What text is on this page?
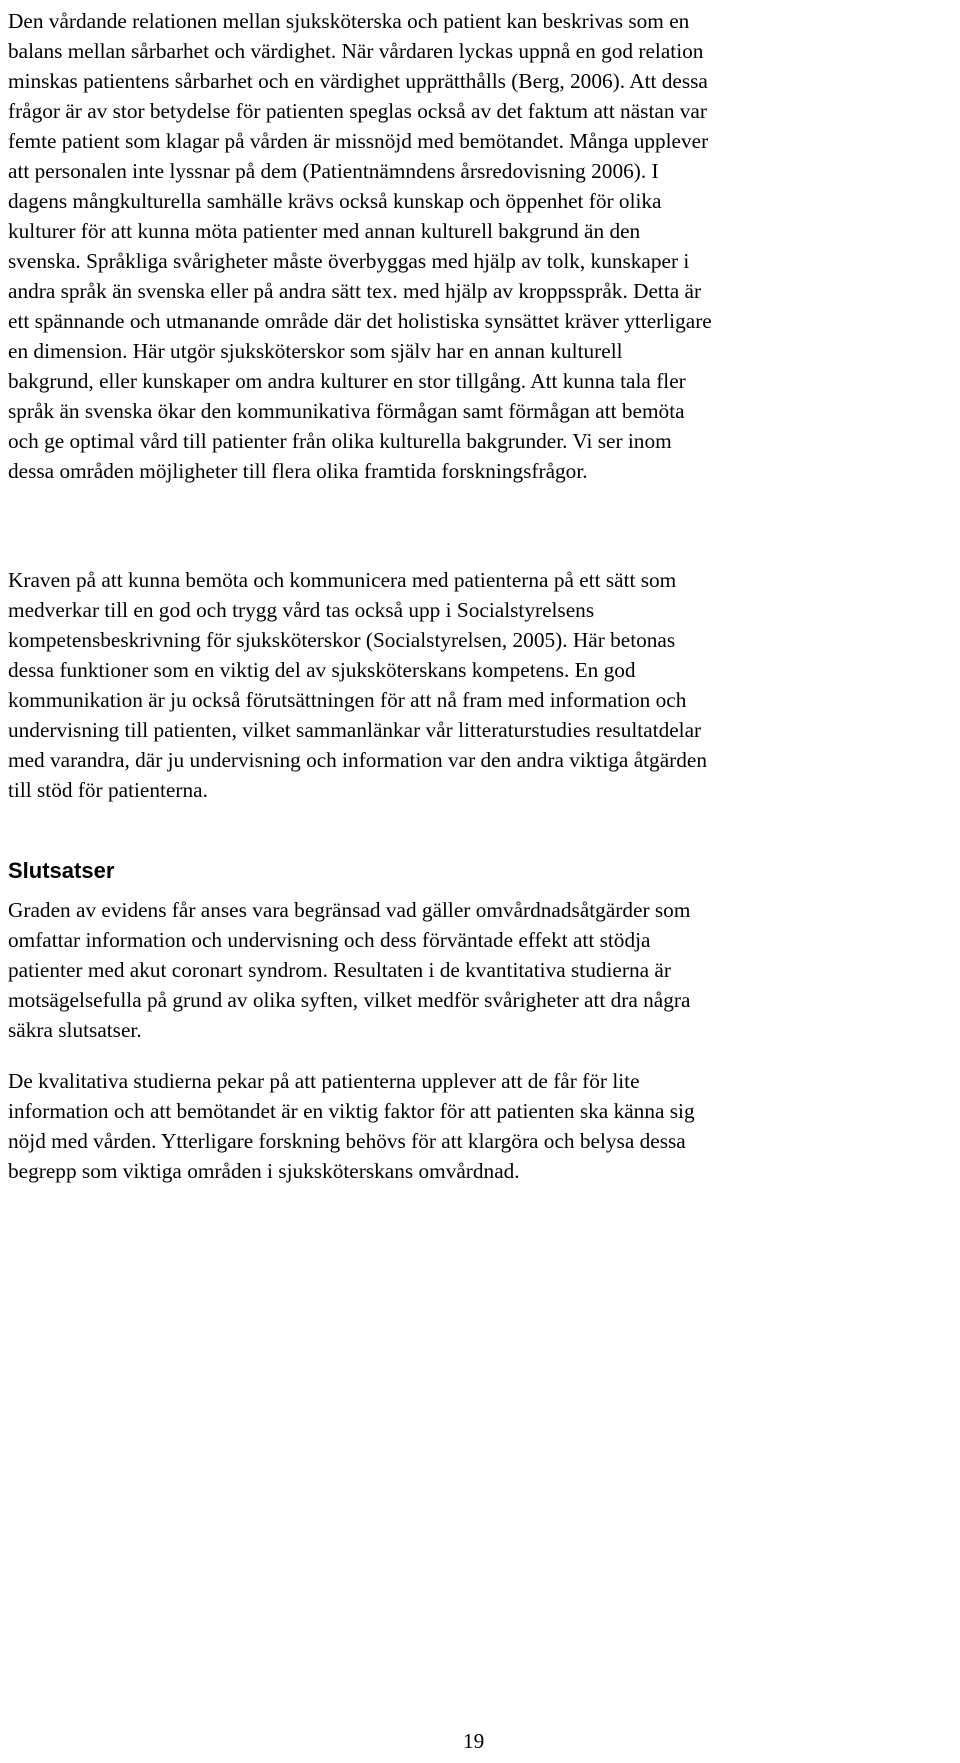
Den vårdande relationen mellan sjuksköterska och patient kan beskrivas som en
balans mellan sårbarhet och värdighet. När vårdaren lyckas uppnå en god relation
minskas patientens sårbarhet och en värdighet upprätthålls (Berg, 2006). Att dessa
frågor är av stor betydelse för patienten speglas också av det faktum att nästan var
femte patient som klagar på vården är missnöjd med bemötandet. Många upplever
att personalen inte lyssnar på dem (Patientnämndens årsredovisning 2006). I
dagens mångkulturella samhälle krävs också kunskap och öppenhet för olika
kulturer för att kunna möta patienter med annan kulturell bakgrund än den
svenska. Språkliga svårigheter måste överbyggas med hjälp av tolk, kunskaper i
andra språk än svenska eller på andra sätt tex. med hjälp av kroppsspråk. Detta är
ett spännande och utmanande område där det holistiska synsättet kräver ytterligare
en dimension. Här utgör sjuksköterskor som själv har en annan kulturell
bakgrund, eller kunskaper om andra kulturer en stor tillgång. Att kunna tala fler
språk än svenska ökar den kommunikativa förmågan samt förmågan att bemöta
och ge optimal vård till patienter från olika kulturella bakgrunder. Vi ser inom
dessa områden möjligheter till flera olika framtida forskningsfrågor.

Kraven på att kunna bemöta och kommunicera med patienterna på ett sätt som
medverkar till en god och trygg vård tas också upp i Socialstyrelsens
kompetensbeskrivning för sjuksköterskor (Socialstyrelsen, 2005). Här betonas
dessa funktioner som en viktig del av sjuksköterskans kompetens. En god
kommunikation är ju också förutsättningen för att nå fram med information och
undervisning till patienten, vilket sammanlänkar vår litteraturstudies resultatdelar
med varandra, där ju undervisning och information var den andra viktiga åtgärden
till stöd för patienterna.

Slutsatser

Graden av evidens får anses vara begränsad vad gäller omvårdnadsåtgärder som
omfattar information och undervisning och dess förväntade effekt att stödja
patienter med akut coronart syndrom. Resultaten i de kvantitativa studierna är
motsägelsefulla på grund av olika syften, vilket medför svårigheter att dra några
säkra slutsatser.

De kvalitativa studierna pekar på att patienterna upplever att de får för lite
information och att bemötandet är en viktig faktor för att patienten ska känna sig
nöjd med vården. Ytterligare forskning behövs för att klargöra och belysa dessa
begrepp som viktiga områden i sjuksköterskans omvårdnad.

19
